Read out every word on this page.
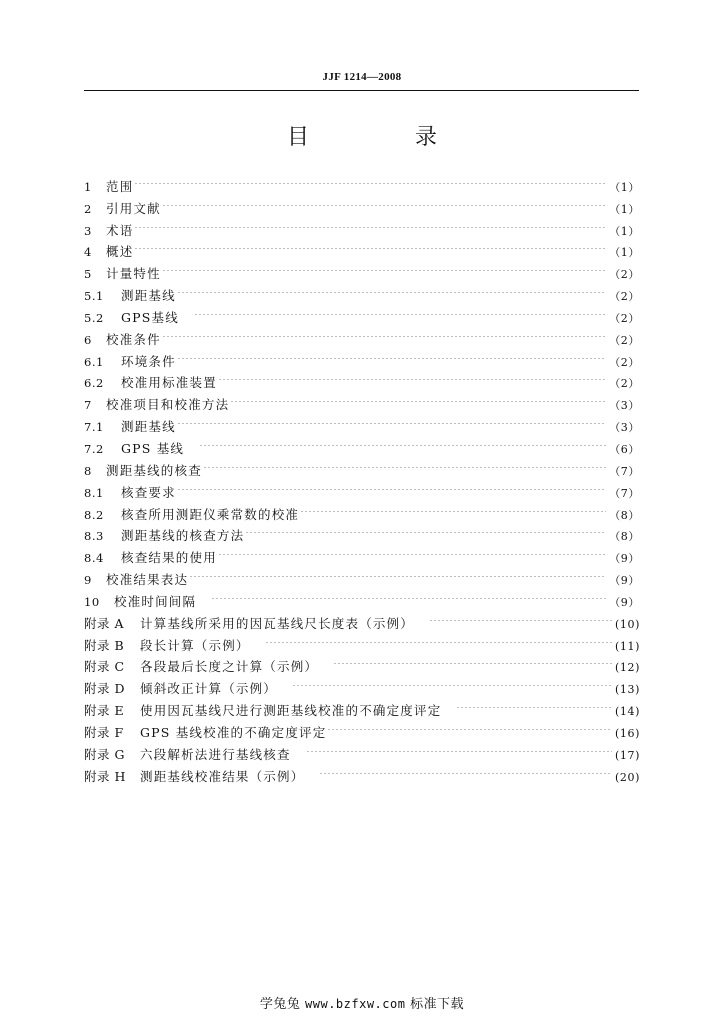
JJF 1214—2008
目　录
1	范围	（1）
2	引用文献	（1）
3	术语	（1）
4	概述	（1）
5	计量特性	（2）
5.1	测距基线	（2）
5.2	GPS基线	（2）
6	校准条件	（2）
6.1	环境条件	（2）
6.2	校准用标准装置	（2）
7	校准项目和校准方法	（3）
7.1	测距基线	（3）
7.2	GPS 基线	（6）
8	测距基线的核查	（7）
8.1	核查要求	（7）
8.2	核查所用测距仪乘常数的校准	（8）
8.3	测距基线的核查方法	（8）
8.4	核查结果的使用	（9）
9	校准结果表达	（9）
10	校准时间间隔	（9）
附录 A	计算基线所采用的因瓦基线尺长度表（示例）	(10)
附录 B	段长计算（示例）	(11)
附录 C	各段最后长度之计算（示例）	(12)
附录 D	倾斜改正计算（示例）	(13)
附录 E	使用因瓦基线尺进行测距基线校准的不确定度评定	(14)
附录 F	GPS 基线校准的不确定度评定	(16)
附录 G	六段解析法进行基线核查	(17)
附录 H	测距基线校准结果（示例）	(20)
学兔兔 www.bzfxw.com 标准下载
